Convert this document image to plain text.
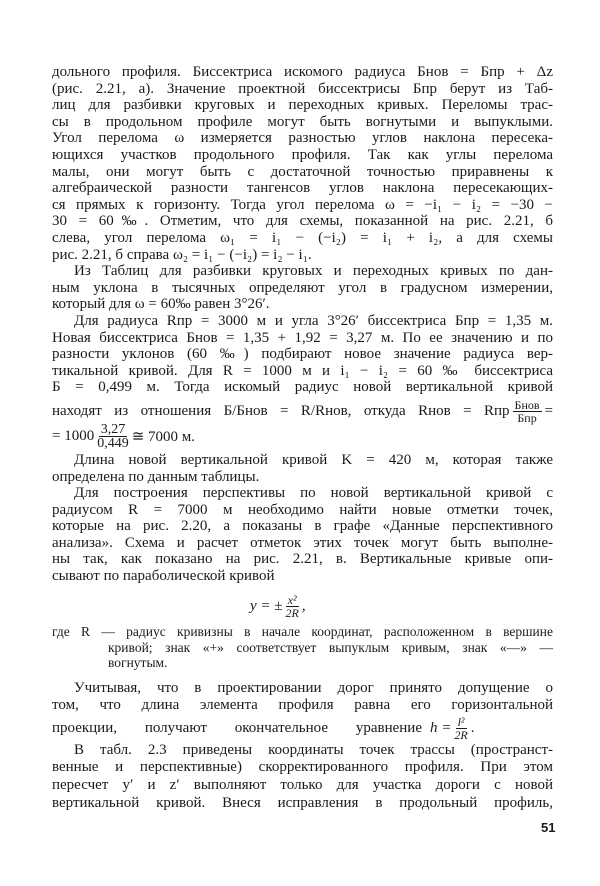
дольного профиля. Биссектриса искомого радиуса Бнов = Бпр + Δz
(рис. 2.21, а). Значение проектной биссектрисы Бпр берут из Таб-
лиц для разбивки круговых и переходных кривых. Переломы трас-
сы в продольном профиле могут быть вогнутыми и выпуклыми.
Угол перелома ω измеряется разностью углов наклона пересека-
ющихся участков продольного профиля. Так как углы перелома
малы, они могут быть с достаточной точностью приравнены к
алгебраической разности тангенсов углов наклона пересекающих-
ся прямых к горизонту. Тогда угол перелома ω = −i₁ − i₂ = −30 −
30 = 60‰. Отметим, что для схемы, показанной на рис. 2.21, б
слева, угол перелома ω₁ = i₁ − (−i₂) = i₁ + i₂, а для схемы
рис. 2.21, б справа ω₂ = i₁ − (−i₂) = i₂ − i₁.
Из Таблиц для разбивки круговых и переходных кривых по дан-
ным уклона в тысячных определяют угол в градусном измерении,
который для ω = 60‰ равен 3°26′.
Для радиуса Rпр = 3000 м и угла 3°26′ биссектриса Бпр = 1,35 м.
Новая биссектриса Бнов = 1,35 + 1,92 = 3,27 м. По ее значению и по
разности уклонов (60 ‰) подбирают новое значение радиуса вер-
тикальной кривой. Для R = 1000 м и i₁ − i₂ = 60 ‰ биссектриса
Б = 0,499 м. Тогда искомый радиус новой вертикальной кривой
Длина новой вертикальной кривой K = 420 м, которая также
определена по данным таблицы.
Для построения перспективы по новой вертикальной кривой с
радиусом R = 7000 м необходимо найти новые отметки точек,
которые на рис. 2.20, а показаны в графе «Данные перспективного
анализа». Схема и расчет отметок этих точек могут быть выполне-
ны так, как показано на рис. 2.21, в. Вертикальные кривые опи-
сывают по параболической кривой
где R — радиус кривизны в начале координат, расположенном в вершине
кривой; знак «+» соответствует выпуклым кривым, знак «—» —
вогнутым.
Учитывая, что в проектировании дорог принято допущение о
том, что длина элемента профиля равна его горизонтальной
В табл. 2.3 приведены координаты точек трассы (пространст-
венные и перспективные) скорректированного профиля. При этом
пересчет y′ и z′ выполняют только для участка дороги с новой
вертикальной кривой. Внеся исправления в продольный профиль,
находят из отношения Б/Бнов = R/Rнов, откуда Rнов = Rпр $\frac{\text{Бнов}}{\text{Бпр}}$ =
= $1000 \frac{3,27}{0,449}$ ≅ 7000 м.
y = ± $\frac{\text{x²}}{2R}$ ,
проекции, получают окончательное уравнение $h = \frac{\text{l²}}{2R}$ .
51
